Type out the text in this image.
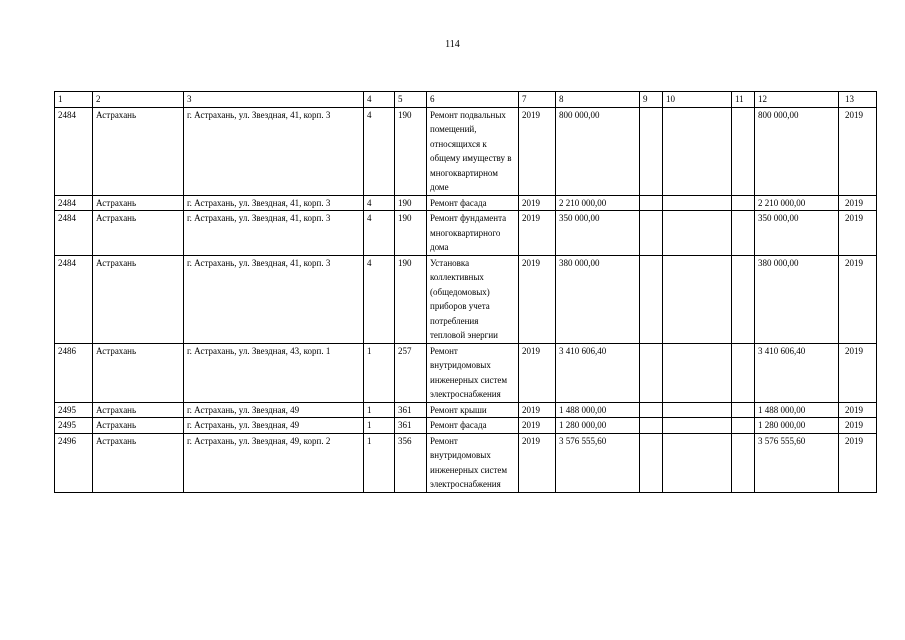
114
1	2	3	4	5	6	7	8	9	10	11	12	13
2484	Астрахань	г. Астрахань, ул. Звездная, 41, корп. 3	4	190	Ремонт подвальных помещений, относящихся к общему имуществу в многоквартирном доме	2019	800 000,00				800 000,00	2019
2484	Астрахань	г. Астрахань, ул. Звездная, 41, корп. 3	4	190	Ремонт фасада	2019	2 210 000,00				2 210 000,00	2019
2484	Астрахань	г. Астрахань, ул. Звездная, 41, корп. 3	4	190	Ремонт фундамента многоквартирного дома	2019	350 000,00				350 000,00	2019
2484	Астрахань	г. Астрахань, ул. Звездная, 41, корп. 3	4	190	Установка коллективных (общедомовых) приборов учета потребления тепловой энергии	2019	380 000,00				380 000,00	2019
2486	Астрахань	г. Астрахань, ул. Звездная, 43, корп. 1	1	257	Ремонт внутридомовых инженерных систем электроснабжения	2019	3 410 606,40				3 410 606,40	2019
2495	Астрахань	г. Астрахань, ул. Звездная, 49	1	361	Ремонт крыши	2019	1 488 000,00				1 488 000,00	2019
2495	Астрахань	г. Астрахань, ул. Звездная, 49	1	361	Ремонт фасада	2019	1 280 000,00				1 280 000,00	2019
2496	Астрахань	г. Астрахань, ул. Звездная, 49, корп. 2	1	356	Ремонт внутридомовых инженерных систем электроснабжения	2019	3 576 555,60				3 576 555,60	2019
